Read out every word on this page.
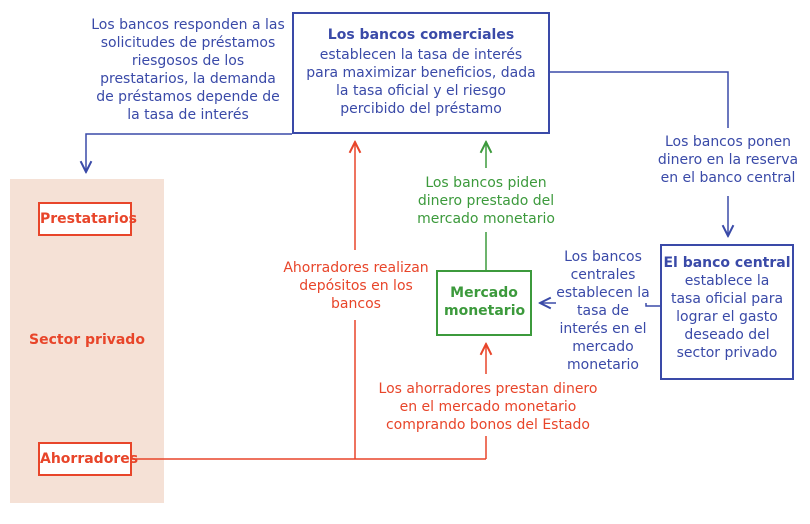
Sector privado
Prestatarios
Ahorradores
Los bancos comerciales
establecen la tasa de interés para maximizar beneficios, dada la tasa oficial y el riesgo percibido del préstamo
El banco central
establece la tasa oficial para lograr el gasto deseado del sector privado
Mercado monetario
Los bancos responden a las solicitudes de préstamos riesgosos de los prestatarios, la demanda de préstamos depende de la tasa de interés
Los bancos ponen dinero en la reserva en el banco central
Los bancos piden dinero prestado del mercado monetario
Los bancos centrales establecen la tasa de interés en el mercado monetario
Ahorradores realizan depósitos en los bancos
Los ahorradores prestan dinero en el mercado monetario comprando bonos del Estado
